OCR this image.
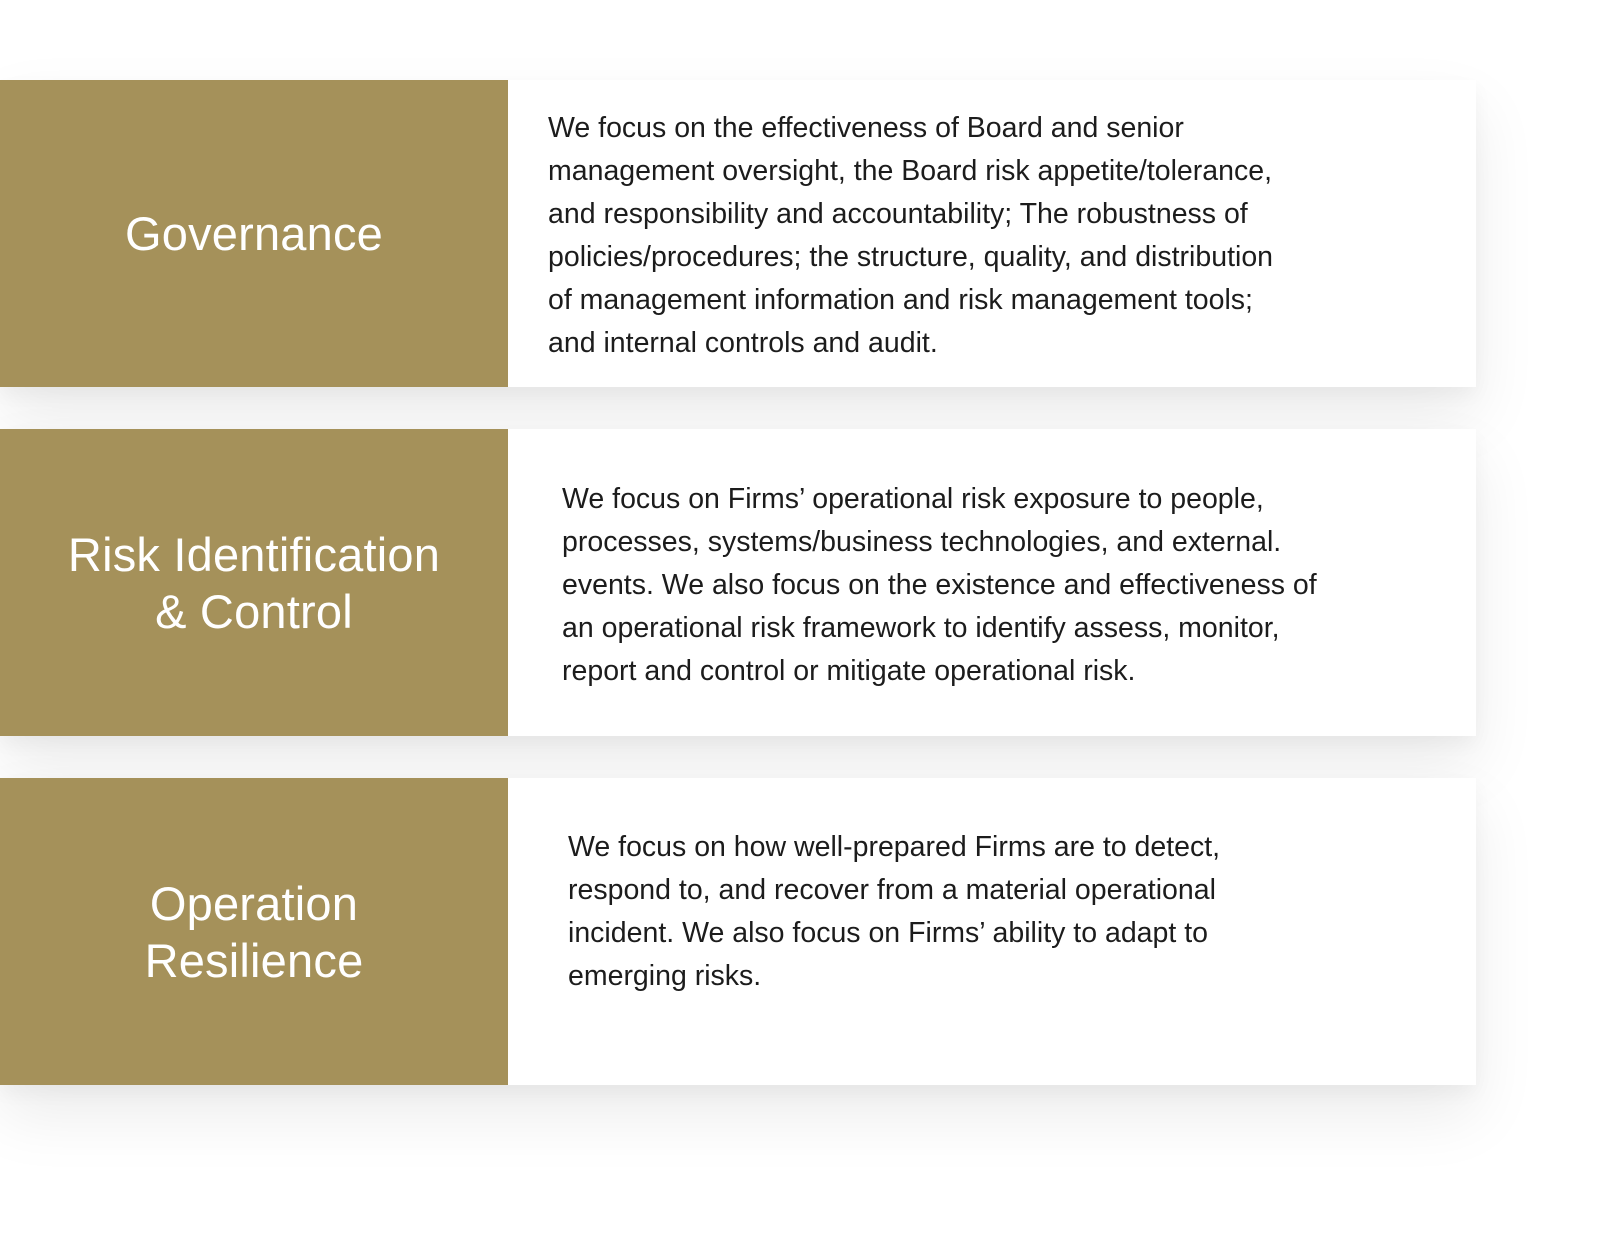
Governance

We focus on the effectiveness of Board and senior
management oversight, the Board risk appetite/tolerance,
and responsibility and accountability; The robustness of
policies/procedures; the structure, quality, and distribution
of management information and risk management tools;
and internal controls and audit.

Risk Identification
& Control

We focus on Firms’ operational risk exposure to people,
processes, systems/business technologies, and external.
events. We also focus on the existence and effectiveness of
an operational risk framework to identify assess, monitor,
report and control or mitigate operational risk.

Operation
Resilience

We focus on how well-prepared Firms are to detect,
respond to, and recover from a material operational
incident. We also focus on Firms’ ability to adapt to
emerging risks.
